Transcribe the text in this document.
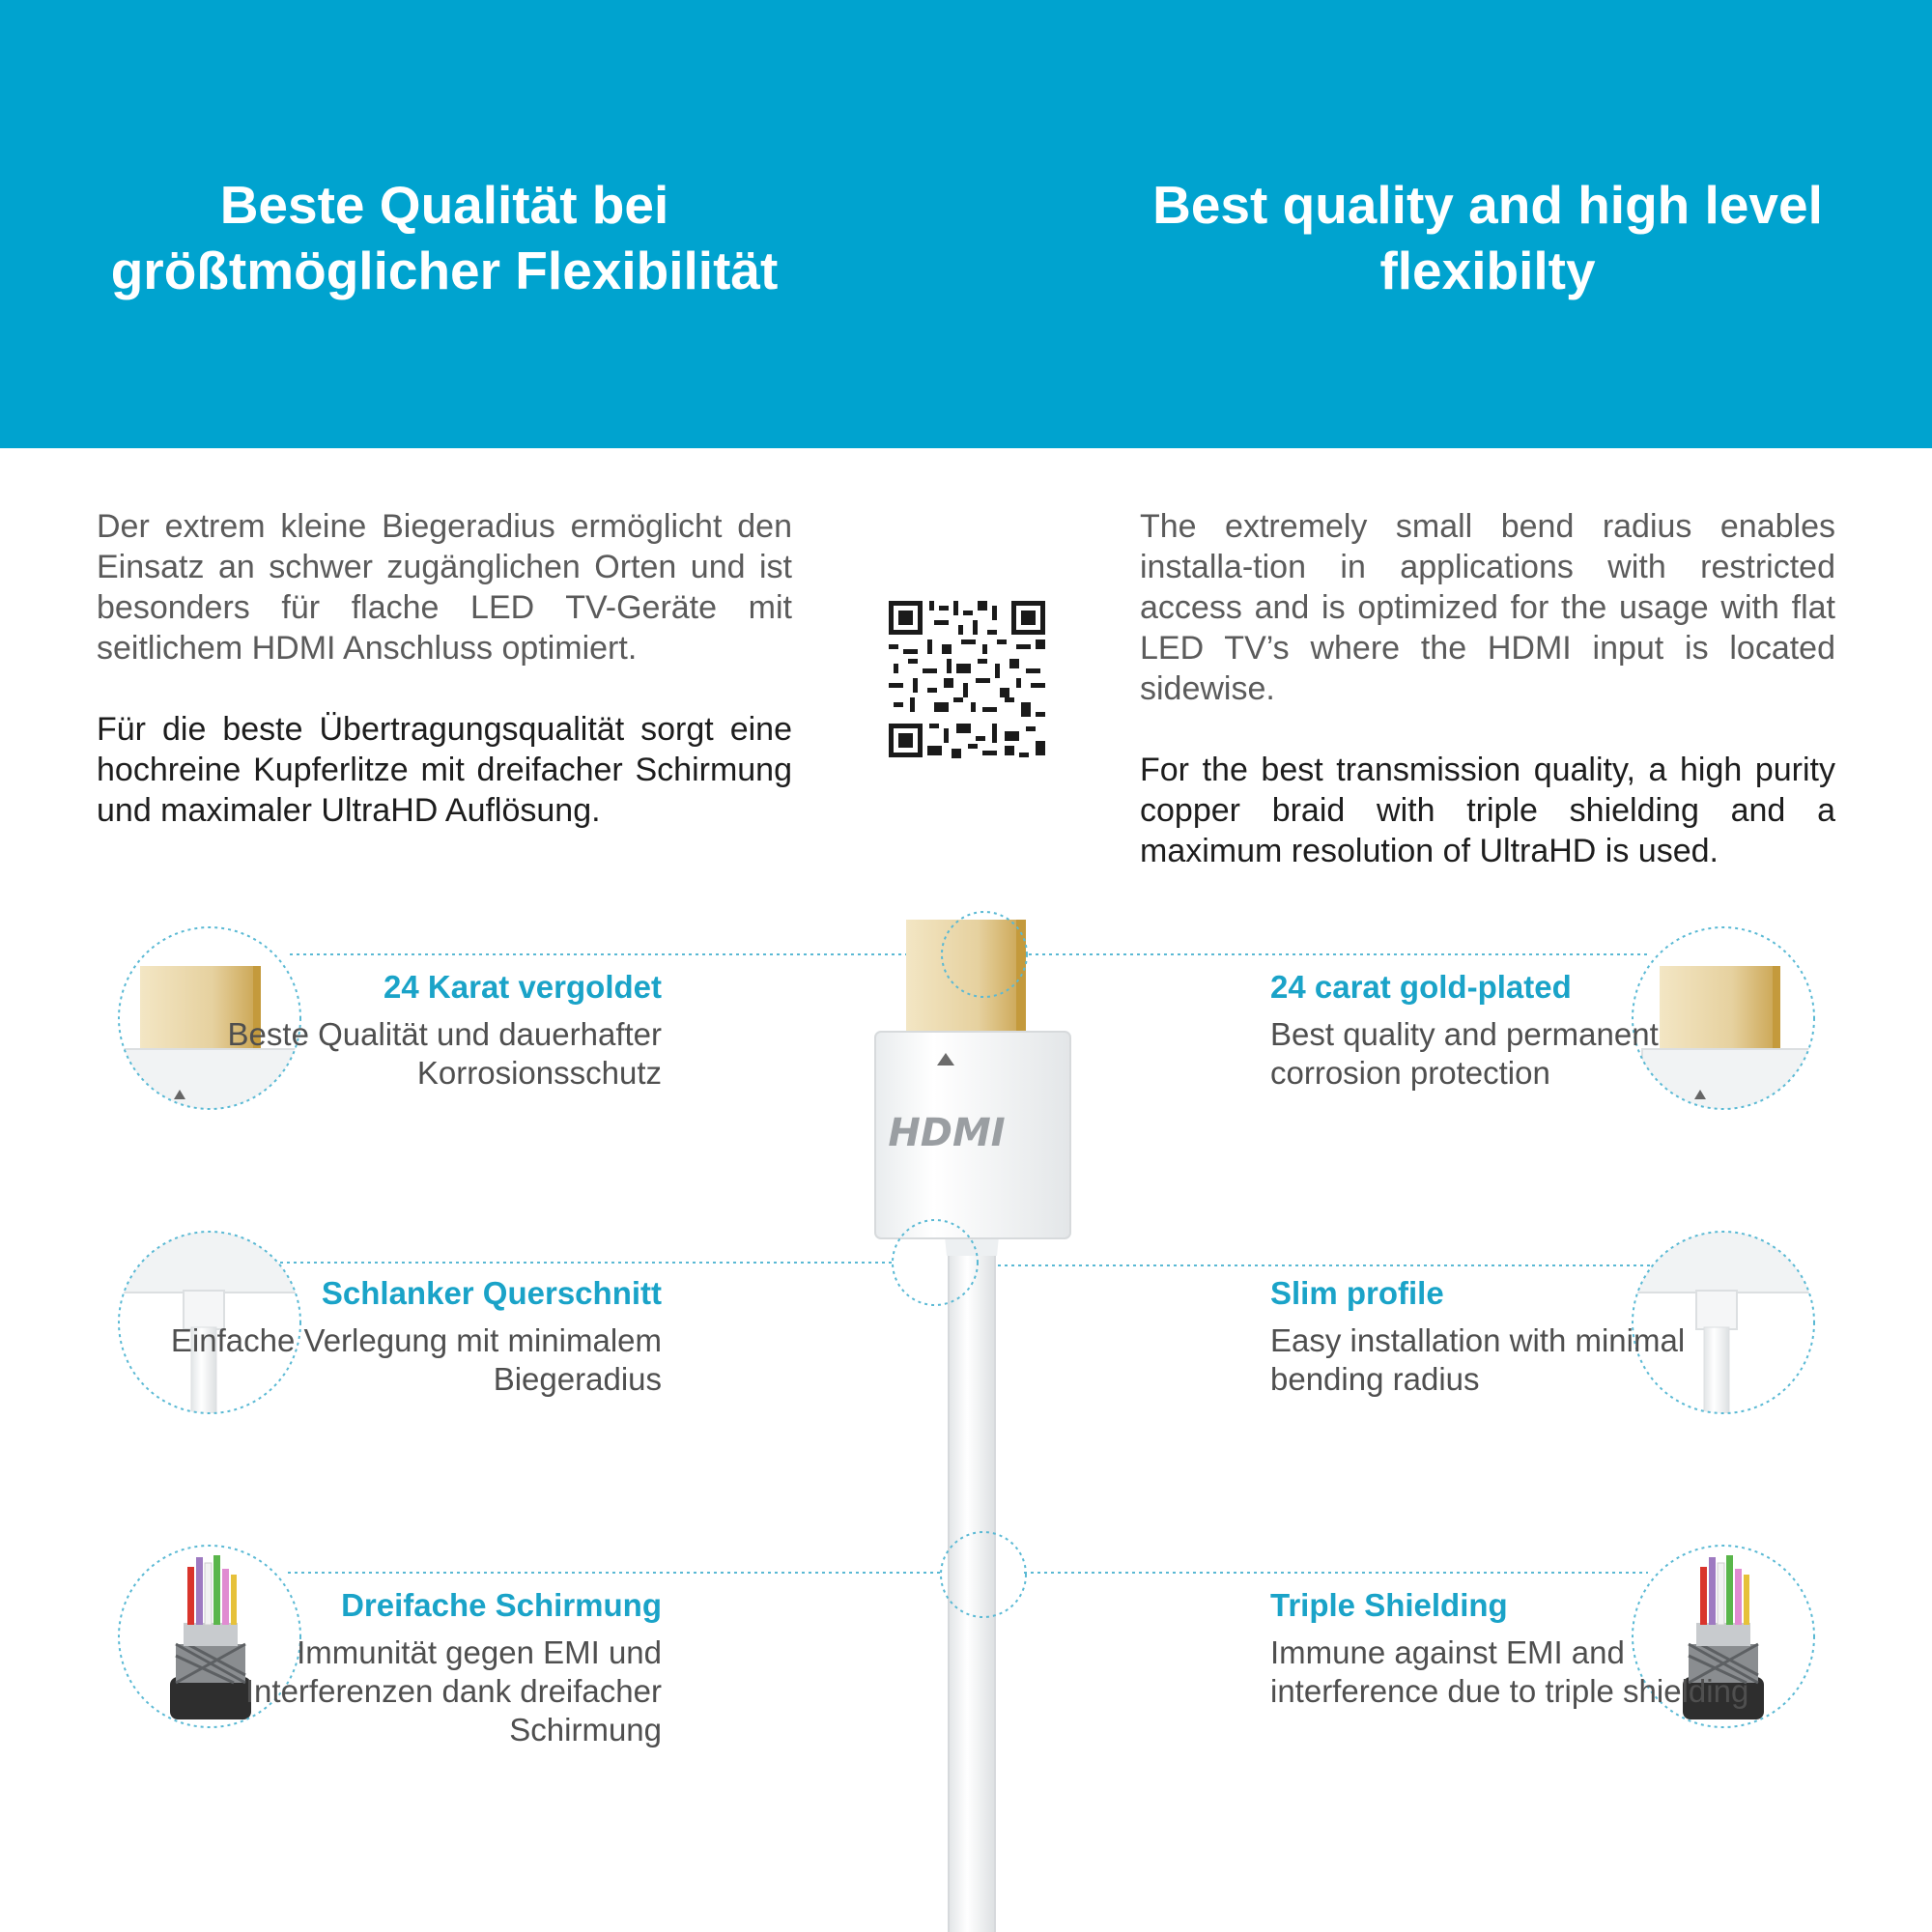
Beste Qualität bei größtmöglicher Flexibilität
Best quality and high level flexibilty

Der extrem kleine Biegeradius ermöglicht den Einsatz an schwer zugänglichen Orten und ist besonders für flache LED TV-Geräte mit seitlichem HDMI Anschluss optimiert.

Für die beste Übertragungsqualität sorgt eine hochreine Kupferlitze mit dreifacher Schirmung und maximaler UltraHD Auflösung.

The extremely small bend radius enables installa-tion in applications with restricted access and is optimized for the usage with flat LED TV’s where the HDMI input is located sidewise.

For the best transmission quality, a high purity copper braid with triple shielding and a maximum resolution of UltraHD is used.

HDMI
24 Karat vergoldet

Beste Qualität und dauerhafter Korrosionsschutz

Schlanker Querschnitt

Einfache Verlegung mit minimalem Biegeradius

Dreifache Schirmung

Immunität gegen EMI und Interferenzen dank dreifacher Schirmung

24 carat gold-plated

Best quality and permanent corrosion protection

Slim profile

Easy installation with minimal bending radius

Triple Shielding

Immune against EMI and interference due to triple shielding
